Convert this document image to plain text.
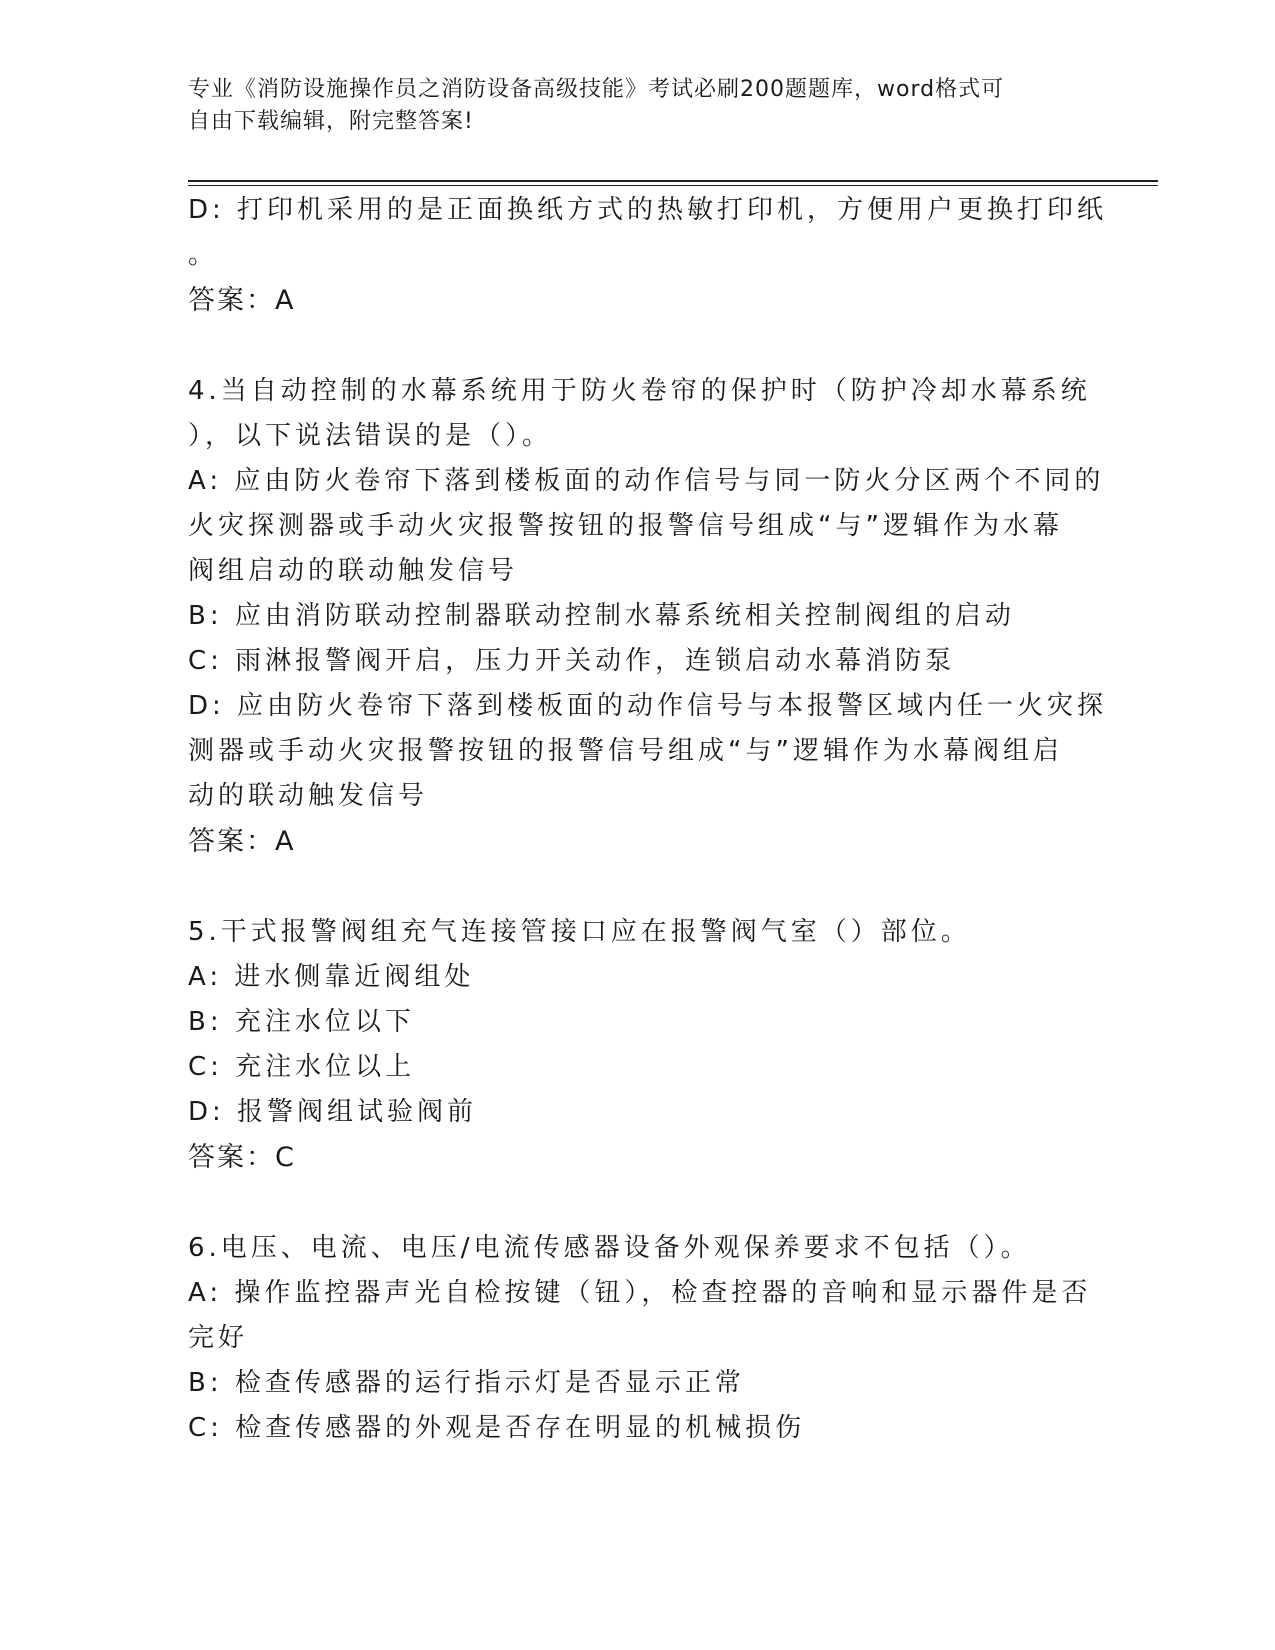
专业《消防设施操作员之消防设备高级技能》考试必刷200题题库，word格式可
自由下载编辑，附完整答案!
D: 打印机采用的是正面换纸方式的热敏打印机，方便用户更换打印纸
。
答案：A
4.当自动控制的水幕系统用于防火卷帘的保护时（防护冷却水幕系统
），以下说法错误的是（）。
A: 应由防火卷帘下落到楼板面的动作信号与同一防火分区两个不同的
火灾探测器或手动火灾报警按钮的报警信号组成“与”逻辑作为水幕
阀组启动的联动触发信号
B: 应由消防联动控制器联动控制水幕系统相关控制阀组的启动
C: 雨淋报警阀开启，压力开关动作，连锁启动水幕消防泵
D: 应由防火卷帘下落到楼板面的动作信号与本报警区域内任一火灾探
测器或手动火灾报警按钮的报警信号组成“与”逻辑作为水幕阀组启
动的联动触发信号
答案：A
5.干式报警阀组充气连接管接口应在报警阀气室（）部位。
A: 进水侧靠近阀组处
B: 充注水位以下
C: 充注水位以上
D: 报警阀组试验阀前
答案：C
6.电压、电流、电压/电流传感器设备外观保养要求不包括（）。
A: 操作监控器声光自检按键（钮），检查控器的音响和显示器件是否
完好
B: 检查传感器的运行指示灯是否显示正常
C: 检查传感器的外观是否存在明显的机械损伤
